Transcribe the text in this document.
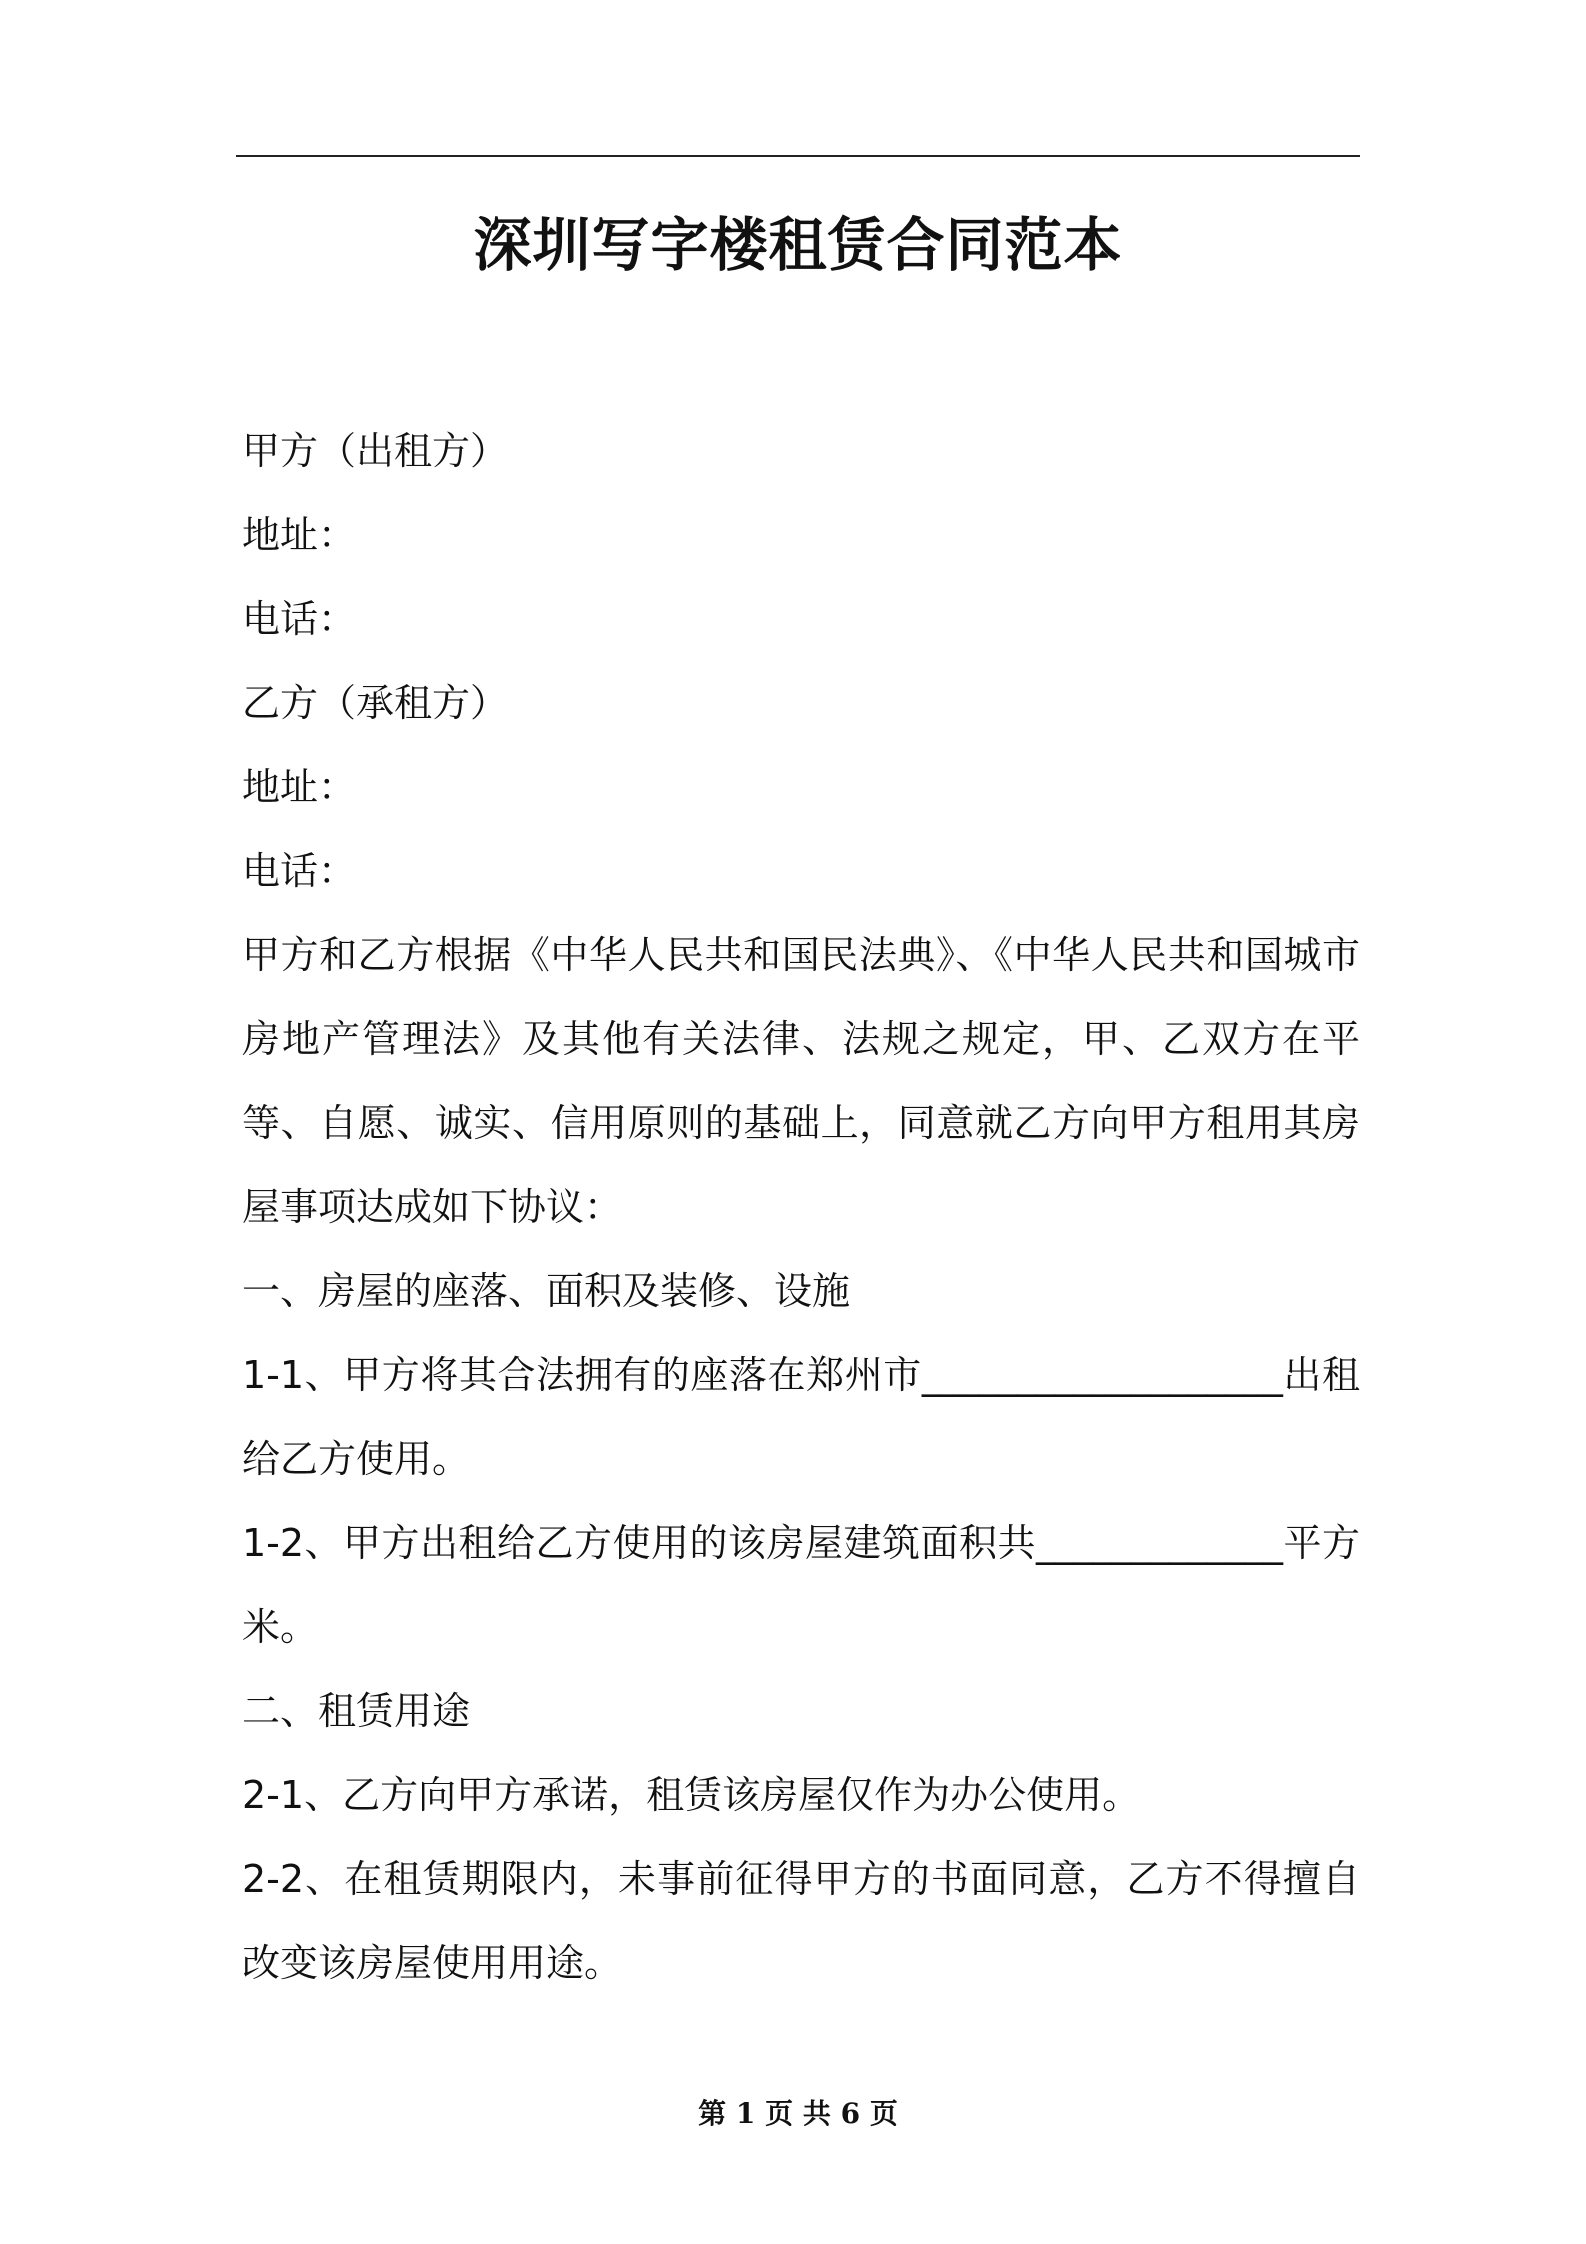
深圳写字楼租赁合同范本
甲方（出租方）
地址：
电话：
乙方（承租方）
地址：
电话：
甲方和乙方根据《中华人民共和国民法典》、《中华人民共和国城市房地产管理法》及其他有关法律、法规之规定，甲、乙双方在平等、自愿、诚实、信用原则的基础上，同意就乙方向甲方租用其房屋事项达成如下协议：
一、房屋的座落、面积及装修、设施
1-1、甲方将其合法拥有的座落在郑州市___________________出租给乙方使用。
1-2、甲方出租给乙方使用的该房屋建筑面积共_____________平方米。
二、租赁用途
2-1、乙方向甲方承诺，租赁该房屋仅作为办公使用。
2-2、在租赁期限内，未事前征得甲方的书面同意，乙方不得擅自改变该房屋使用用途。
第 1 页 共 6 页
